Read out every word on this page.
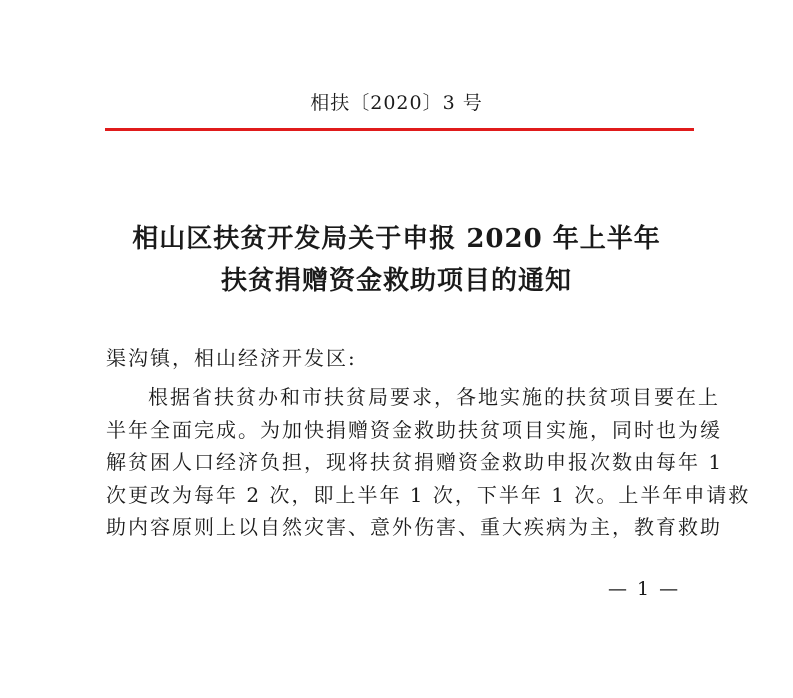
相扶〔2020〕3 号
相山区扶贫开发局关于申报 2020 年上半年
扶贫捐赠资金救助项目的通知
渠沟镇，相山经济开发区:
根据省扶贫办和市扶贫局要求，各地实施的扶贫项目要在上
半年全面完成。为加快捐赠资金救助扶贫项目实施，同时也为缓
解贫困人口经济负担，现将扶贫捐赠资金救助申报次数由每年 1
次更改为每年 2 次，即上半年 1 次，下半年 1 次。上半年申请救
助内容原则上以自然灾害、意外伤害、重大疾病为主，教育救助
— 1 —
